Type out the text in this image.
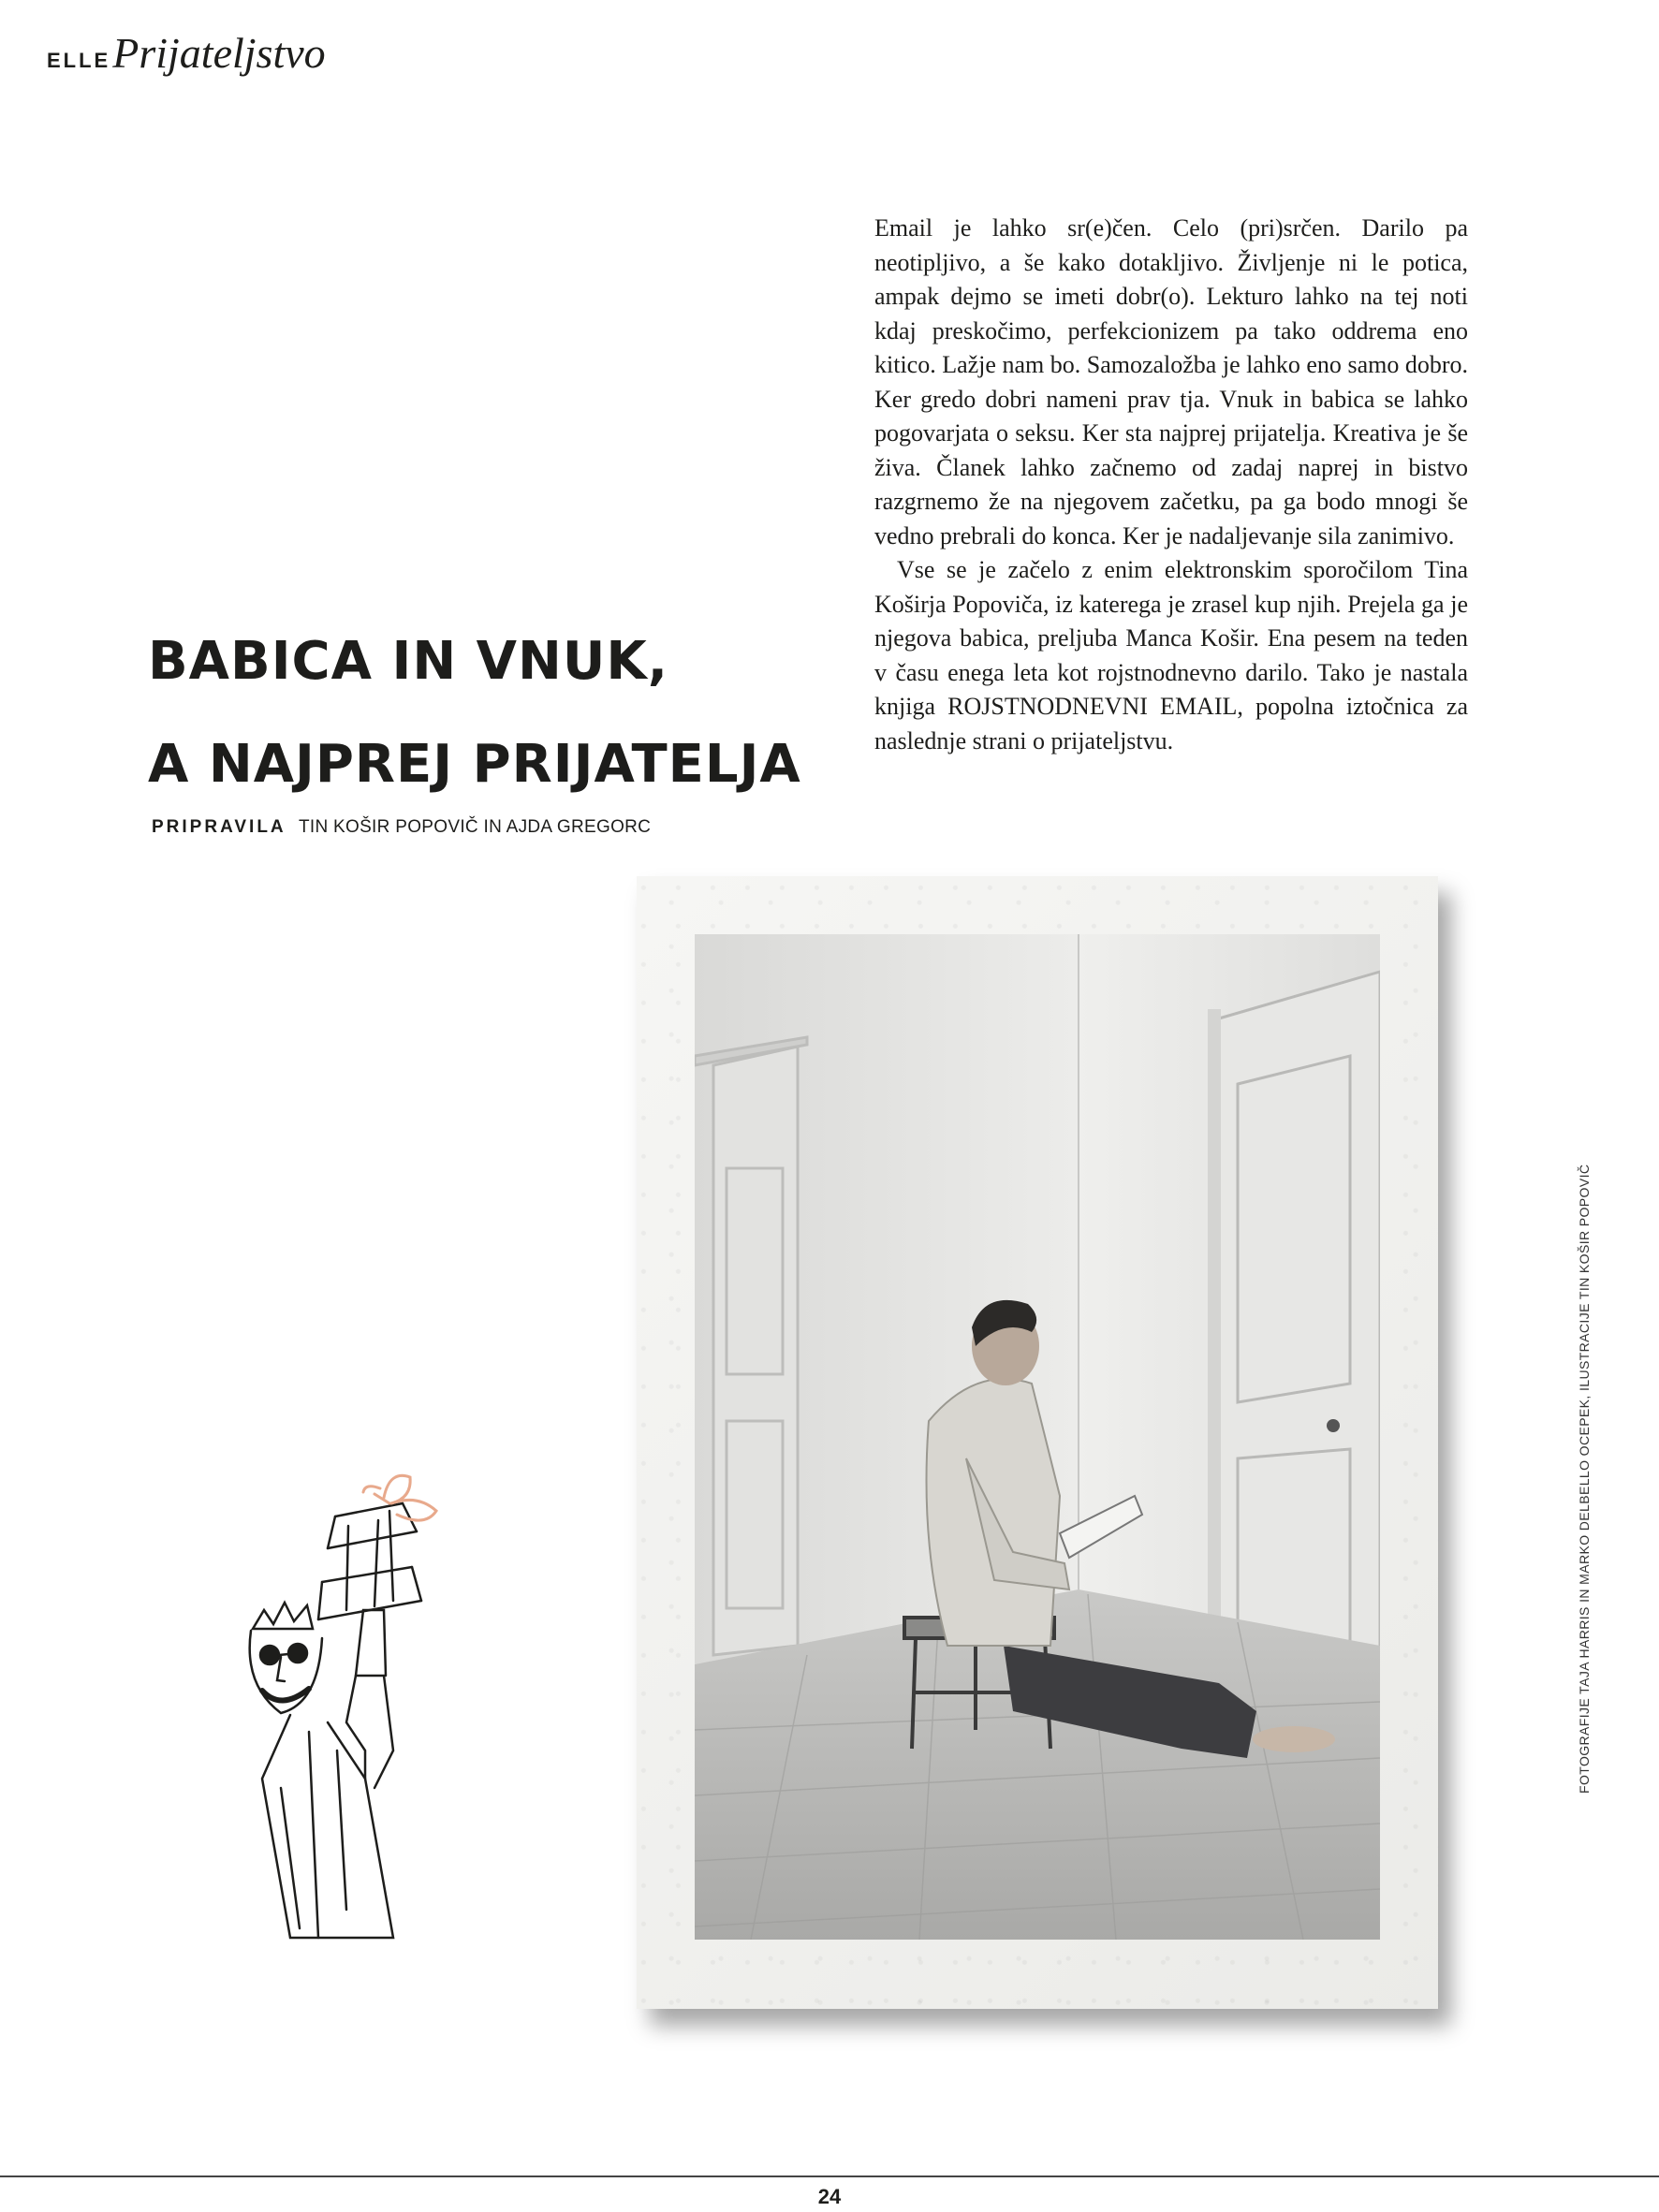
ELLE Prijateljstvo

Email je lahko sr(e)čen. Celo (pri)srčen. Darilo pa neotipljivo, a še kako dotakljivo. Življenje ni le potica, ampak dejmo se imeti dobr(o). Lekturo lahko na tej noti kdaj preskočimo, perfekcionizem pa tako oddrema eno kitico. Lažje nam bo. Samozaložba je lahko eno samo dobro. Ker gredo dobri nameni prav tja. Vnuk in babica se lahko pogovarjata o seksu. Ker sta najprej prijatelja. Kreativa je še živa. Članek lahko začnemo od zadaj naprej in bistvo razgrnemo že na njegovem začetku, pa ga bodo mnogi še vedno prebrali do konca. Ker je nadaljevanje sila zanimivo.

Vse se je začelo z enim elektronskim sporočilom Tina Koširja Popoviča, iz katerega je zrasel kup njih. Prejela ga je njegova babica, preljuba Manca Košir. Ena pesem na teden v času enega leta kot rojstnodnevno darilo. Tako je nastala knjiga ROJSTNODNEVNI EMAIL, popolna iztočnica za naslednje strani o prijateljstvu.

BABICA IN VNUK,
A NAJPREJ PRIJATELJA
PRIPRAVILA TIN KOŠIR POPOVIČ IN AJDA GREGORC
FOTOGRAFIJE TAJA HARRIS IN MARKO DELBELLO OCEPEK, ILUSTRACIJE TIN KOŠIR POPOVIČ
24
